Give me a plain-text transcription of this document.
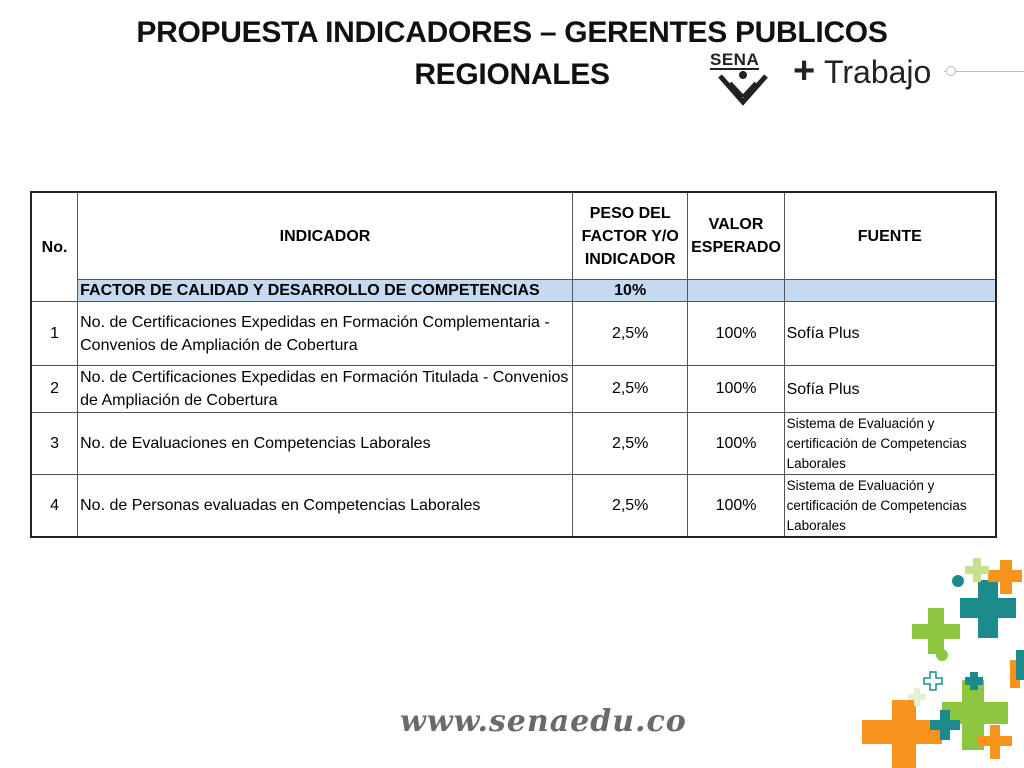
PROPUESTA INDICADORES – GERENTES PUBLICOS REGIONALES	SENA + Trabajo
No.	INDICADOR	PESO DEL FACTOR Y/O INDICADOR	VALOR ESPERADO	FUENTE
	FACTOR DE CALIDAD Y DESARROLLO DE COMPETENCIAS	10%		
1	No. de Certificaciones Expedidas en Formación Complementaria - Convenios de Ampliación de Cobertura	2,5%	100%	Sofía Plus
2	No. de Certificaciones Expedidas en Formación Titulada - Convenios de Ampliación de Cobertura	2,5%	100%	Sofía Plus
3	No. de Evaluaciones en Competencias Laborales	2,5%	100%	Sistema de Evaluación y certificación de Competencias Laborales
4	No. de Personas evaluadas en Competencias Laborales	2,5%	100%	Sistema de Evaluación y certificación de Competencias Laborales
www.senaedu.co
